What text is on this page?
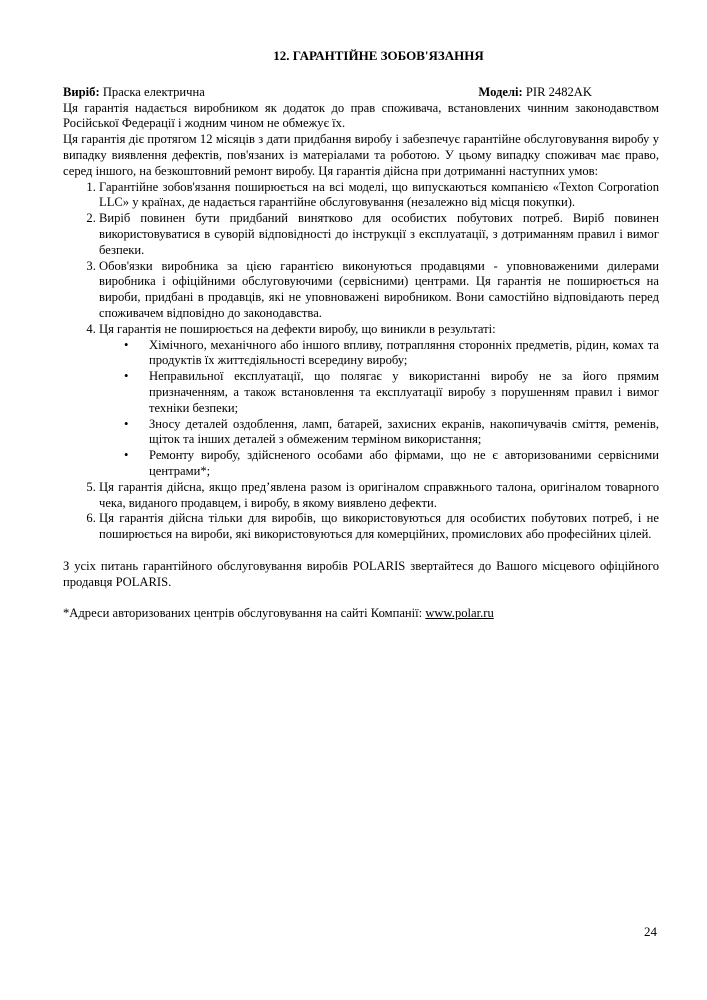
12. ГАРАНТІЙНЕ ЗОБОВ'ЯЗАННЯ
Виріб: Праска електрична	Моделі: PIR 2482AK

Ця гарантія надається виробником як додаток до прав споживача, встановлених чинним законодавством Російської Федерації і жодним чином не обмежує їх.

Ця гарантія діє протягом 12 місяців з дати придбання виробу і забезпечує гарантійне обслуговування виробу у випадку виявлення дефектів, пов'язаних із матеріалами та роботою. У цьому випадку споживач має право, серед іншого, на безкоштовний ремонт виробу. Ця гарантія дійсна при дотриманні наступних умов:

1. Гарантійне зобов'язання поширюється на всі моделі, що випускаються компанією «Texton Corporation LLC» у країнах, де надається гарантійне обслуговування (незалежно від місця покупки).
2. Виріб повинен бути придбаний винятково для особистих побутових потреб. Виріб повинен використовуватися в суворій відповідності до інструкції з експлуатації, з дотриманням правил і вимог безпеки.
3. Обов'язки виробника за цією гарантією виконуються продавцями - уповноваженими дилерами виробника і офіційними обслуговуючими (сервісними) центрами. Ця гарантія не поширюється на вироби, придбані в продавців, які не уповноважені виробником. Вони самостійно відповідають перед споживачем відповідно до законодавства.
4. Ця гарантія не поширюється на дефекти виробу, що виникли в результаті:
• Хімічного, механічного або іншого впливу, потрапляння сторонніх предметів, рідин, комах та продуктів їх життєдіяльності всередину виробу;
• Неправильної експлуатації, що полягає у використанні виробу не за його прямим призначенням, а також встановлення та експлуатації виробу з порушенням правил і вимог техніки безпеки;
• Зносу деталей оздоблення, ламп, батарей, захисних екранів, накопичувачів сміття, ременів, щіток та інших деталей з обмеженим терміном використання;
• Ремонту виробу, здійсненого особами або фірмами, що не є авторизованими сервісними центрами*;
5. Ця гарантія дійсна, якщо пред’явлена разом із оригіналом справжнього талона, оригіналом товарного чека, виданого продавцем, і виробу, в якому виявлено дефекти.
6. Ця гарантія дійсна тільки для виробів, що використовуються для особистих побутових потреб, і не поширюється на вироби, які використовуються для комерційних, промислових або професійних цілей.

З усіх питань гарантійного обслуговування виробів POLARIS звертайтеся до Вашого місцевого офіційного продавця POLARIS.

*Адреси авторизованих центрів обслуговування на сайті Компанії: www.polar.ru

24
